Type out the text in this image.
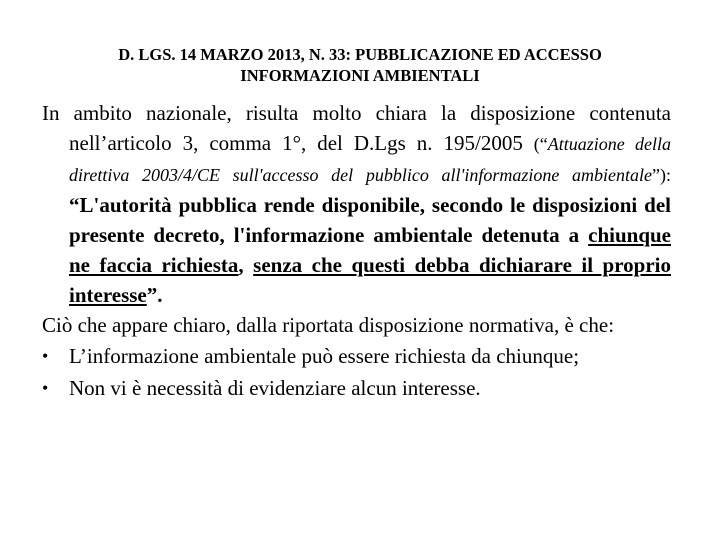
D. LGS. 14 MARZO 2013, N. 33: PUBBLICAZIONE ED ACCESSO
INFORMAZIONI AMBIENTALI

In ambito nazionale, risulta molto chiara la disposizione contenuta nell’articolo 3, comma 1°, del D.Lgs n. 195/2005 (“Attuazione della direttiva 2003/4/CE sull'accesso del pubblico all'informazione ambientale”): “L'autorità pubblica rende disponibile, secondo le disposizioni del presente decreto, l'informazione ambientale detenuta a chiunque ne faccia richiesta, senza che questi debba dichiarare il proprio interesse”.

Ciò che appare chiaro, dalla riportata disposizione normativa, è che:

• L’informazione ambientale può essere richiesta da chiunque;
• Non vi è necessità di evidenziare alcun interesse.
